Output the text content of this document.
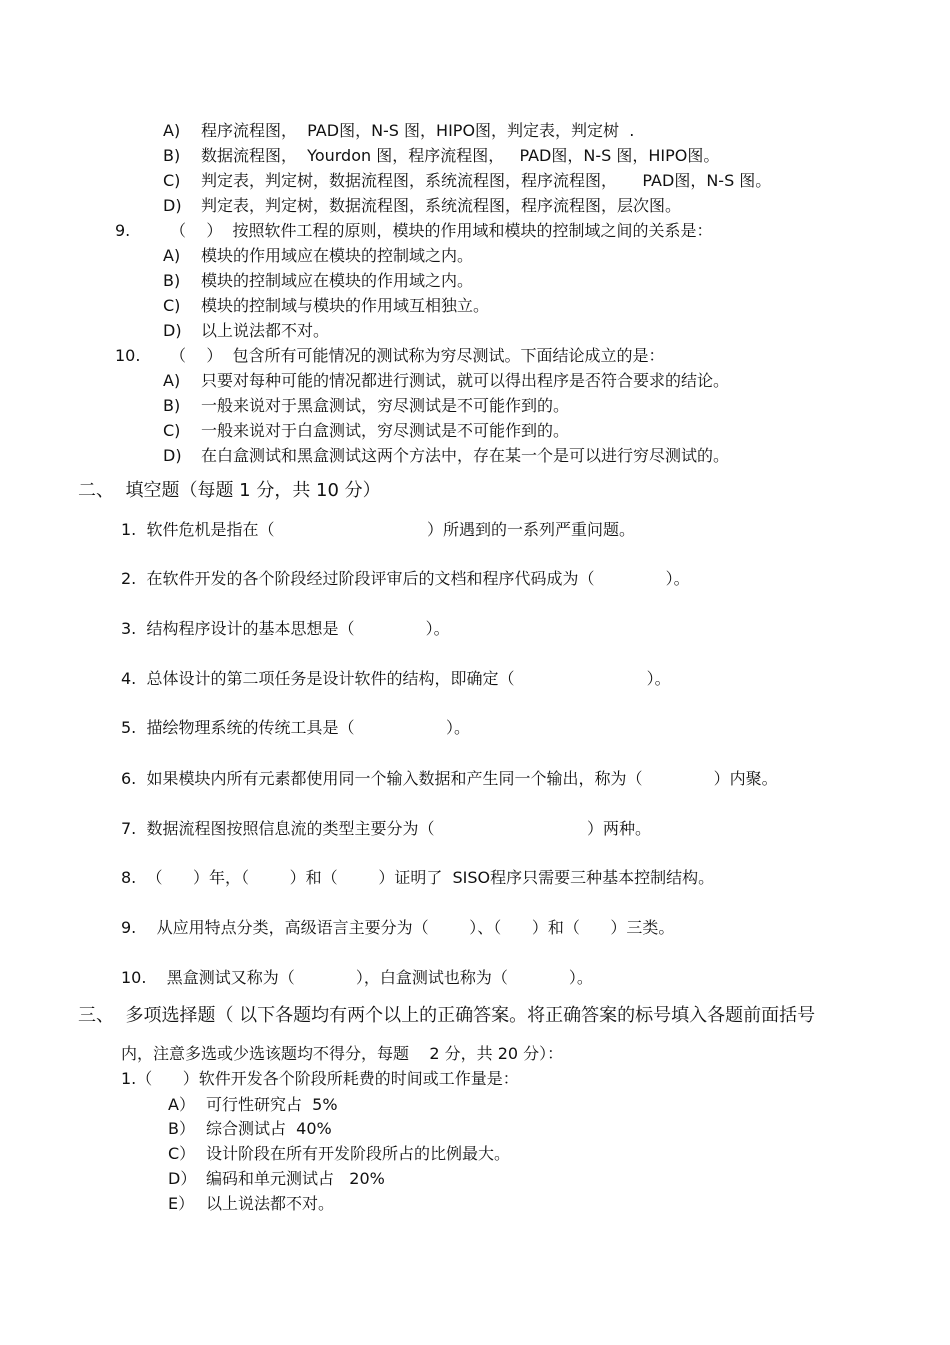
A) 程序流程图，  PAD图，N-S 图，HIPO图，判定表，判定树  .
B) 数据流程图，  Yourdon 图，程序流程图，   PAD图，N-S 图，HIPO图。
C) 判定表，判定树，数据流程图，系统流程图，程序流程图，     PAD图，N-S 图。
D) 判定表，判定树，数据流程图，系统流程图，程序流程图，层次图。
9. （    ）  按照软件工程的原则，模块的作用域和模块的控制域之间的关系是：
A) 模块的作用域应在模块的控制域之内。
B) 模块的控制域应在模块的作用域之内。
C) 模块的控制域与模块的作用域互相独立。
D) 以上说法都不对。
10. （    ）  包含所有可能情况的测试称为穷尽测试。下面结论成立的是：
A) 只要对每种可能的情况都进行测试，就可以得出程序是否符合要求的结论。
B) 一般来说对于黑盒测试，穷尽测试是不可能作到的。
C) 一般来说对于白盒测试，穷尽测试是不可能作到的。
D) 在白盒测试和黑盒测试这两个方法中，存在某一个是可以进行穷尽测试的。
二、  填空题（每题 1 分，共 10 分）
1.  软件危机是指在（                              ）所遇到的一系列严重问题。
2.  在软件开发的各个阶段经过阶段评审后的文档和程序代码成为（              ）。
3.  结构程序设计的基本思想是（              ）。
4.  总体设计的第二项任务是设计软件的结构，即确定（                          ）。
5.  描绘物理系统的传统工具是（                  ）。
6.  如果模块内所有元素都使用同一个输入数据和产生同一个输出，称为（              ）内聚。
7.  数据流程图按照信息流的类型主要分为（                              ）两种。
8.  （      ）年，（        ）和（        ）证明了  SISO程序只需要三种基本控制结构。
9.    从应用特点分类，高级语言主要分为（        ）、（      ）和（      ）三类。
10.    黑盒测试又称为（            ），白盒测试也称为（            ）。
三、  多项选择题（ 以下各题均有两个以上的正确答案。将正确答案的标号填入各题前面括号
内，注意多选或少选该题均不得分，每题    2 分，共 20 分）：
1.（      ）软件开发各个阶段所耗费的时间或工作量是：
A） 可行性研究占  5%
B） 综合测试占  40%
C） 设计阶段在所有开发阶段所占的比例最大。
D） 编码和单元测试占   20%
E） 以上说法都不对。
